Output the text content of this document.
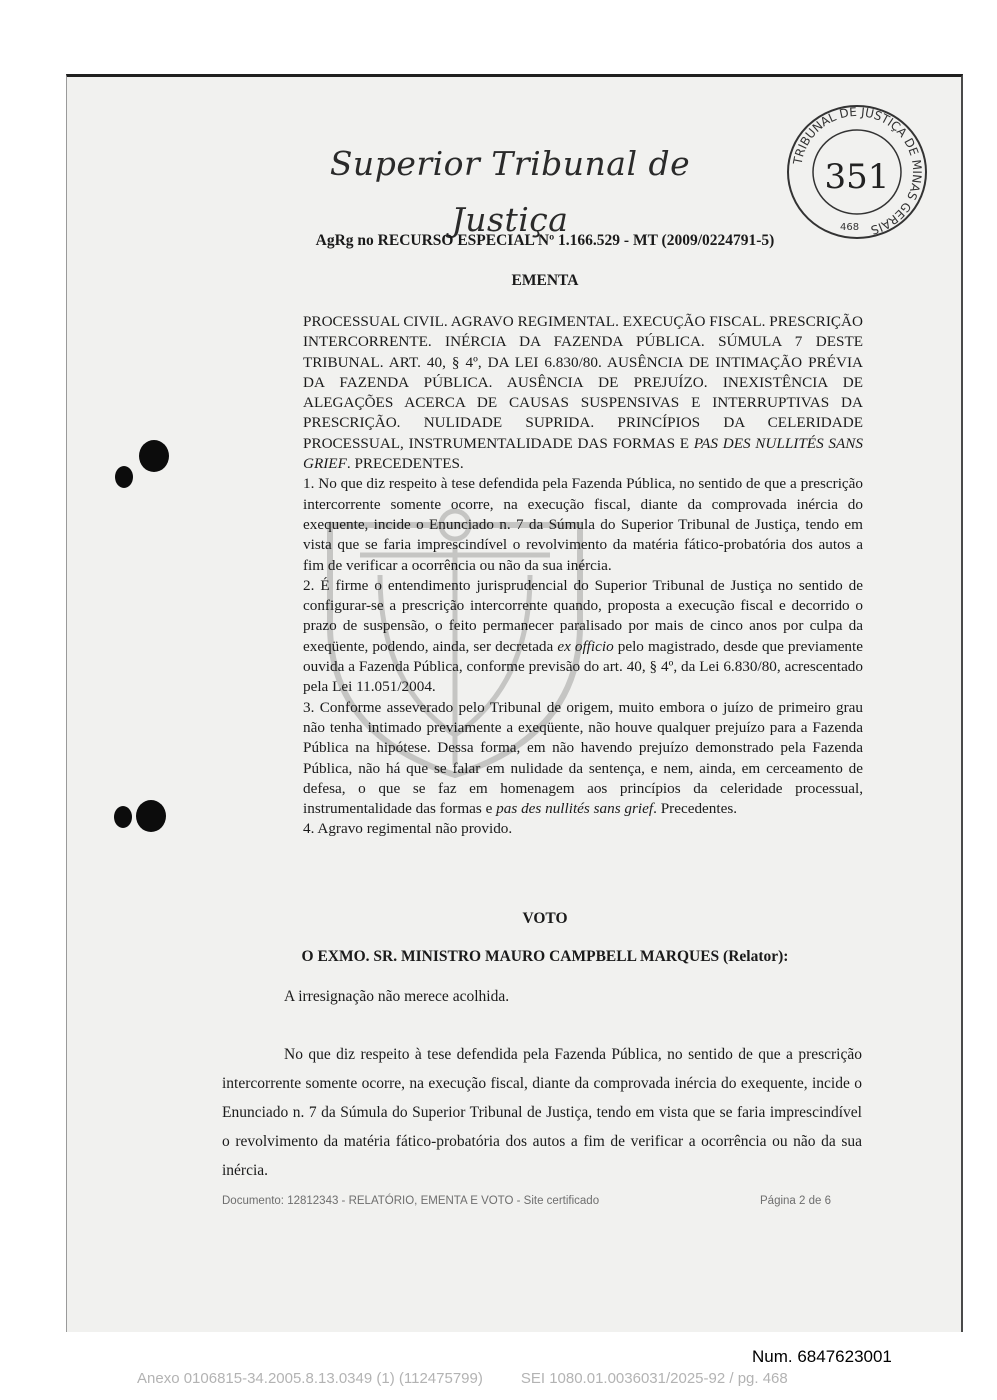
Superior Tribunal de Justiça
TRIBUNAL DE JUSTIÇA DE MINAS GERAIS
351
468
AgRg no RECURSO ESPECIAL Nº 1.166.529 - MT (2009/0224791-5)
EMENTA

PROCESSUAL CIVIL. AGRAVO REGIMENTAL. EXECUÇÃO FISCAL. PRESCRIÇÃO INTERCORRENTE. INÉRCIA DA FAZENDA PÚBLICA. SÚMULA 7 DESTE TRIBUNAL. ART. 40, § 4º, DA LEI 6.830/80. AUSÊNCIA DE INTIMAÇÃO PRÉVIA DA FAZENDA PÚBLICA. AUSÊNCIA DE PREJUÍZO. INEXISTÊNCIA DE ALEGAÇÕES ACERCA DE CAUSAS SUSPENSIVAS E INTERRUPTIVAS DA PRESCRIÇÃO. NULIDADE SUPRIDA. PRINCÍPIOS DA CELERIDADE PROCESSUAL, INSTRUMENTALIDADE DAS FORMAS E PAS DES NULLITÉS SANS GRIEF. PRECEDENTES.

1. No que diz respeito à tese defendida pela Fazenda Pública, no sentido de que a prescrição intercorrente somente ocorre, na execução fiscal, diante da comprovada inércia do exequente, incide o Enunciado n. 7 da Súmula do Superior Tribunal de Justiça, tendo em vista que se faria imprescindível o revolvimento da matéria fático-probatória dos autos a fim de verificar a ocorrência ou não da sua inércia.

2. É firme o entendimento jurisprudencial do Superior Tribunal de Justiça no sentido de configurar-se a prescrição intercorrente quando, proposta a execução fiscal e decorrido o prazo de suspensão, o feito permanecer paralisado por mais de cinco anos por culpa da exeqüente, podendo, ainda, ser decretada ex officio pelo magistrado, desde que previamente ouvida a Fazenda Pública, conforme previsão do art. 40, § 4º, da Lei 6.830/80, acrescentado pela Lei 11.051/2004.

3. Conforme asseverado pelo Tribunal de origem, muito embora o juízo de primeiro grau não tenha intimado previamente a exeqüente, não houve qualquer prejuízo para a Fazenda Pública na hipótese. Dessa forma, em não havendo prejuízo demonstrado pela Fazenda Pública, não há que se falar em nulidade da sentença, e nem, ainda, em cerceamento de defesa, o que se faz em homenagem aos princípios da celeridade processual, instrumentalidade das formas e pas des nullités sans grief. Precedentes.

4. Agravo regimental não provido.

VOTO
O EXMO. SR. MINISTRO MAURO CAMPBELL MARQUES (Relator):

A irresignação não merece acolhida.

No que diz respeito à tese defendida pela Fazenda Pública, no sentido de que a prescrição intercorrente somente ocorre, na execução fiscal, diante da comprovada inércia do exequente, incide o Enunciado n. 7 da Súmula do Superior Tribunal de Justiça, tendo em vista que se faria imprescindível o revolvimento da matéria fático-probatória dos autos a fim de verificar a ocorrência ou não da sua inércia.

Documento: 12812343 - RELATÓRIO, EMENTA E VOTO - Site certificado	Página 2 de 6
Num. 6847623001
Anexo 0106815-34.2005.8.13.0349 (1) (112475799)	SEI 1080.01.0036031/2025-92 / pg. 468
